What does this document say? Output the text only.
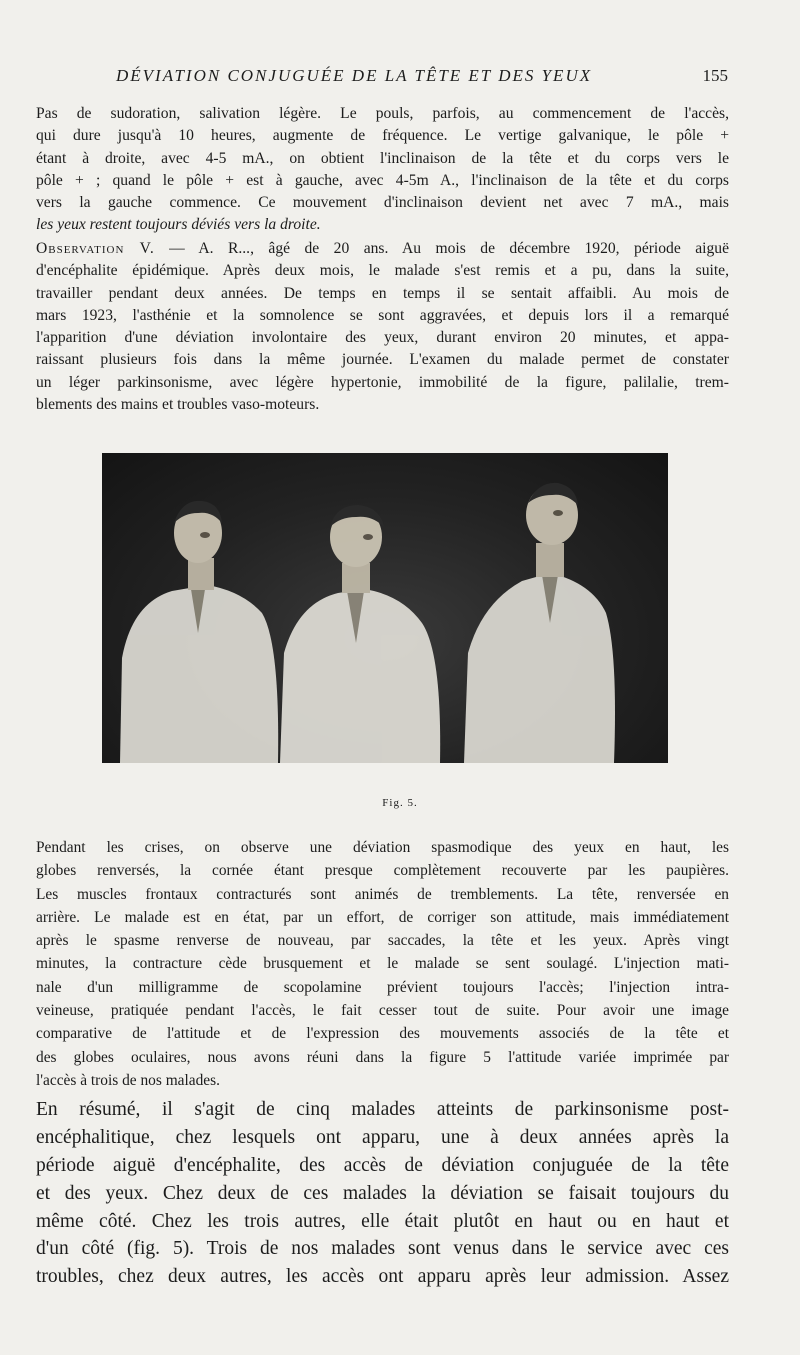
DÉVIATION CONJUGUÉE DE LA TÊTE ET DES YEUX	155
Pas de sudoration, salivation légère. Le pouls, parfois, au commencement de l'accès,
qui dure jusqu'à 10 heures, augmente de fréquence. Le vertige galvanique, le pôle +
étant à droite, avec 4-5 mA., on obtient l'inclinaison de la tête et du corps vers le
pôle + ; quand le pôle + est à gauche, avec 4-5m A., l'inclinaison de la tête et du corps
vers la gauche commence. Ce mouvement d'inclinaison devient net avec 7 mA., mais
les yeux restent toujours déviés vers la droite.
Observation V. — A. R..., âgé de 20 ans. Au mois de décembre 1920, période aiguë
d'encéphalite épidémique. Après deux mois, le malade s'est remis et a pu, dans la suite,
travailler pendant deux années. De temps en temps il se sentait affaibli. Au mois de
mars 1923, l'asthénie et la somnolence se sont aggravées, et depuis lors il a remarqué
l'apparition d'une déviation involontaire des yeux, durant environ 20 minutes, et appa-
raissant plusieurs fois dans la même journée. L'examen du malade permet de constater
un léger parkinsonisme, avec légère hypertonie, immobilité de la figure, palilalie, trem-
blements des mains et troubles vaso-moteurs.
Fig. 5.
Pendant les crises, on observe une déviation spasmodique des yeux en haut, les
globes renversés, la cornée étant presque complètement recouverte par les paupières.
Les muscles frontaux contracturés sont animés de tremblements. La tête, renversée en
arrière. Le malade est en état, par un effort, de corriger son attitude, mais immédiatement
après le spasme renverse de nouveau, par saccades, la tête et les yeux. Après vingt
minutes, la contracture cède brusquement et le malade se sent soulagé. L'injection mati-
nale d'un milligramme de scopolamine prévient toujours l'accès; l'injection intra-
veineuse, pratiquée pendant l'accès, le fait cesser tout de suite. Pour avoir une image
comparative de l'attitude et de l'expression des mouvements associés de la tête et
des globes oculaires, nous avons réuni dans la figure 5 l'attitude variée imprimée par
l'accès à trois de nos malades.
En résumé, il s'agit de cinq malades atteints de parkinsonisme post-
encéphalitique, chez lesquels ont apparu, une à deux années après la
période aiguë d'encéphalite, des accès de déviation conjuguée de la tête
et des yeux. Chez deux de ces malades la déviation se faisait toujours du
même côté. Chez les trois autres, elle était plutôt en haut ou en haut et
d'un côté (fig. 5). Trois de nos malades sont venus dans le service avec ces
troubles, chez deux autres, les accès ont apparu après leur admission. Assez
